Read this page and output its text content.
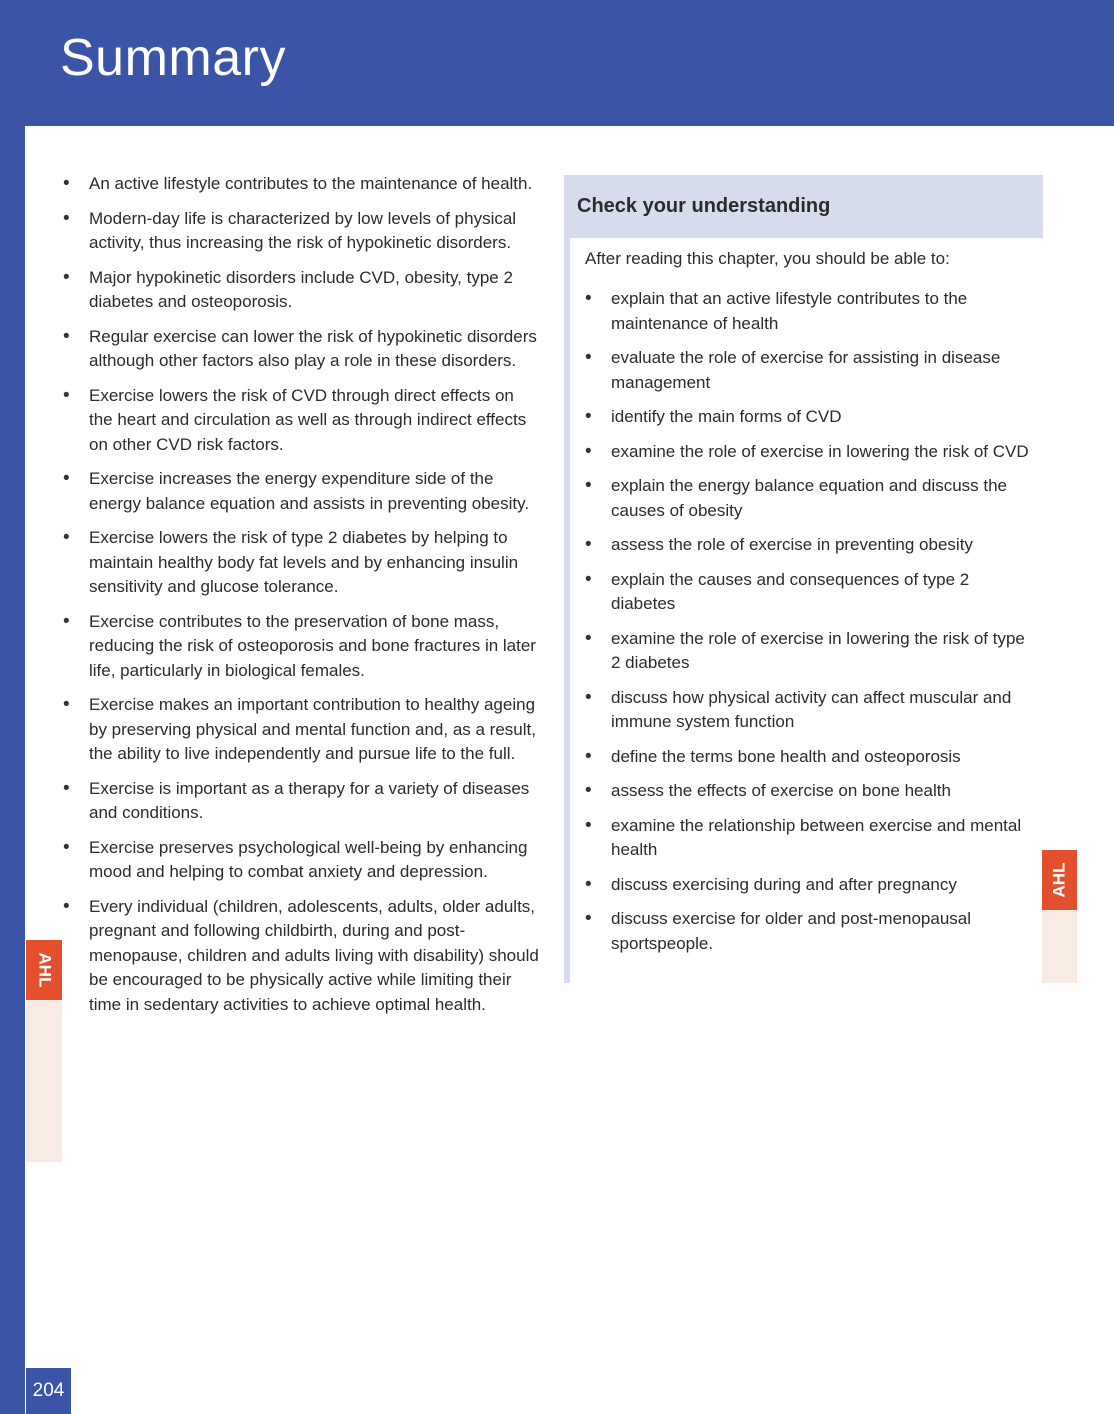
Summary
• An active lifestyle contributes to the maintenance of health.
• Modern-day life is characterized by low levels of physical activity, thus increasing the risk of hypokinetic disorders.
• Major hypokinetic disorders include CVD, obesity, type 2 diabetes and osteoporosis.
• Regular exercise can lower the risk of hypokinetic disorders although other factors also play a role in these disorders.
• Exercise lowers the risk of CVD through direct effects on the heart and circulation as well as through indirect effects on other CVD risk factors.
• Exercise increases the energy expenditure side of the energy balance equation and assists in preventing obesity.
• Exercise lowers the risk of type 2 diabetes by helping to maintain healthy body fat levels and by enhancing insulin sensitivity and glucose tolerance.
• Exercise contributes to the preservation of bone mass, reducing the risk of osteoporosis and bone fractures in later life, particularly in biological females.
• Exercise makes an important contribution to healthy ageing by preserving physical and mental function and, as a result, the ability to live independently and pursue life to the full.
• Exercise is important as a therapy for a variety of diseases and conditions.
• Exercise preserves psychological well-being by enhancing mood and helping to combat anxiety and depression.
• Every individual (children, adolescents, adults, older adults, pregnant and following childbirth, during and post-menopause, children and adults living with disability) should be encouraged to be physically active while limiting their time in sedentary activities to achieve optimal health.
Check your understanding

After reading this chapter, you should be able to:

• explain that an active lifestyle contributes to the maintenance of health
• evaluate the role of exercise for assisting in disease management
• identify the main forms of CVD
• examine the role of exercise in lowering the risk of CVD
• explain the energy balance equation and discuss the causes of obesity
• assess the role of exercise in preventing obesity
• explain the causes and consequences of type 2 diabetes
• examine the role of exercise in lowering the risk of type 2 diabetes
• discuss how physical activity can affect muscular and immune system function
• define the terms bone health and osteoporosis
• assess the effects of exercise on bone health
• examine the relationship between exercise and mental health
• discuss exercising during and after pregnancy
• discuss exercise for older and post-menopausal sportspeople.
AHL
AHL
204
